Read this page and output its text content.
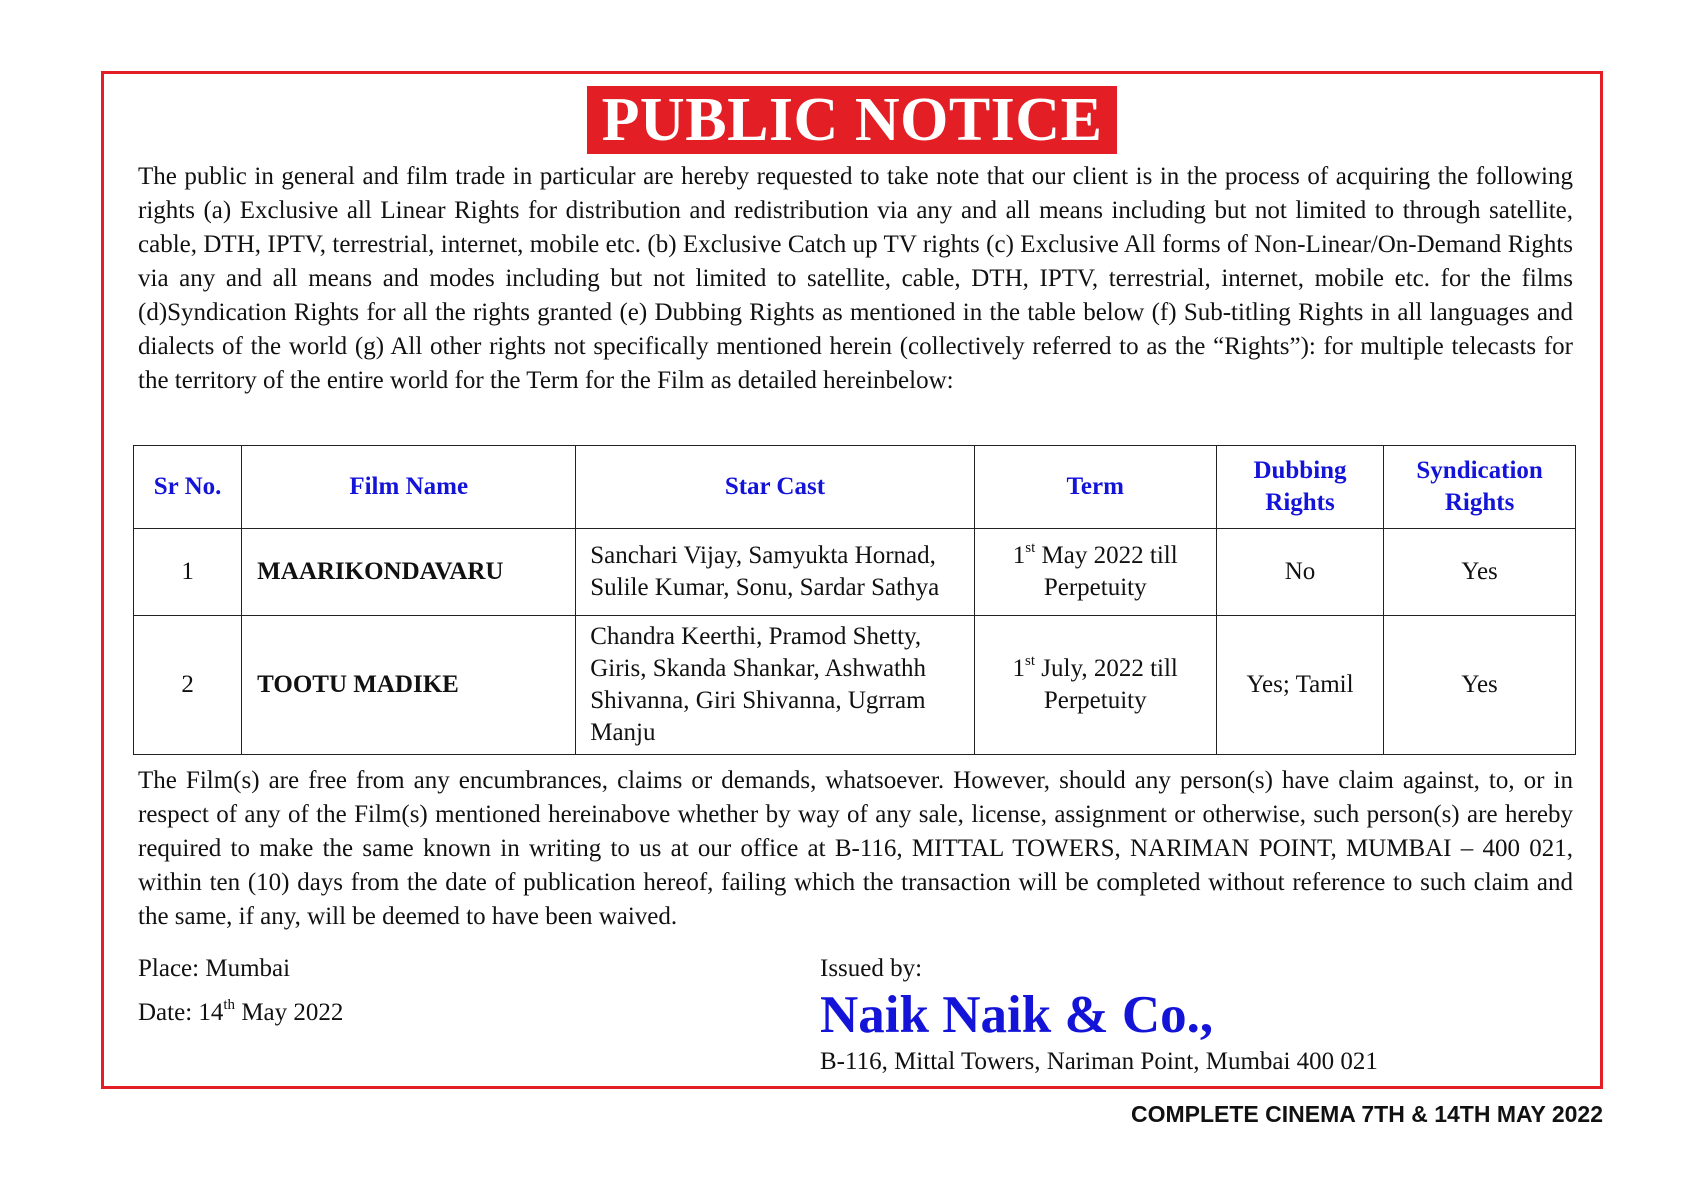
PUBLIC NOTICE

The public in general and film trade in particular are hereby requested to take note that our client is in the process of acquiring the following rights (a) Exclusive all Linear Rights for distribution and redistribution via any and all means including but not limited to through satellite, cable, DTH, IPTV, terrestrial, internet, mobile etc. (b) Exclusive Catch up TV rights (c) Exclusive All forms of Non-Linear/On-Demand Rights via any and all means and modes including but not limited to satellite, cable, DTH, IPTV, terrestrial, internet, mobile etc. for the films (d)Syndication Rights for all the rights granted (e) Dubbing Rights as mentioned in the table below (f) Sub-titling Rights in all languages and dialects of the world (g) All other rights not specifically mentioned herein (collectively referred to as the “Rights”): for multiple telecasts for the territory of the entire world for the Term for the Film as detailed hereinbelow:

Sr No.	Film Name	Star Cast	Term	Dubbing Rights	Syndication Rights
1	MAARIKONDAVARU	Sanchari Vijay, Samyukta Hornad, Sulile Kumar, Sonu, Sardar Sathya	1st May 2022 till Perpetuity	No	Yes
2	TOOTU MADIKE	Chandra Keerthi, Pramod Shetty, Giris, Skanda Shankar, Ashwathh Shivanna, Giri Shivanna, Ugrram Manju	1st July, 2022 till Perpetuity	Yes; Tamil	Yes

The Film(s) are free from any encumbrances, claims or demands, whatsoever. However, should any person(s) have claim against, to, or in respect of any of the Film(s) mentioned hereinabove whether by way of any sale, license, assignment or otherwise, such person(s) are hereby required to make the same known in writing to us at our office at B-116, MITTAL TOWERS, NARIMAN POINT, MUMBAI – 400 021, within ten (10) days from the date of publication hereof, failing which the transaction will be completed without reference to such claim and the same, if any, will be deemed to have been waived.

Place: Mumbai
Date: 14th May 2022
Issued by:
Naik Naik & Co.,
B-116, Mittal Towers, Nariman Point, Mumbai 400 021
COMPLETE CINEMA 7TH & 14TH MAY 2022
